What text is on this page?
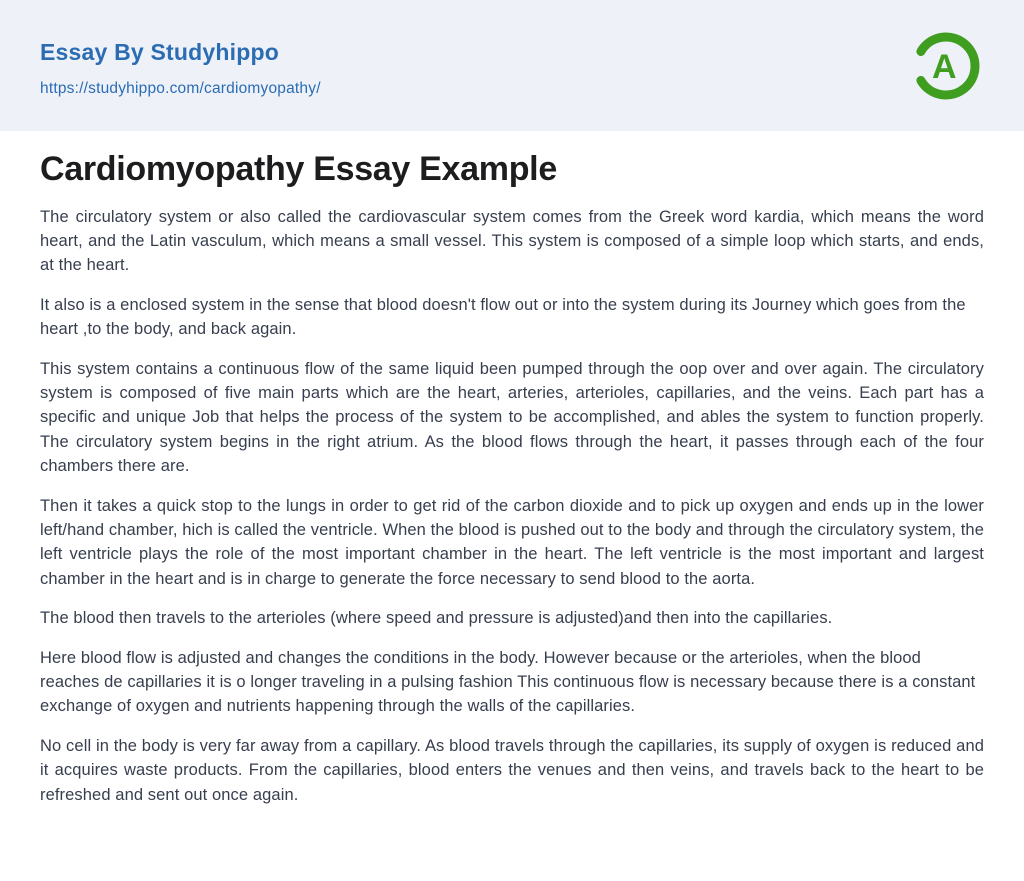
Essay By Studyhippo
https://studyhippo.com/cardiomyopathy/
A
Cardiomyopathy Essay Example

The circulatory system or also called the cardiovascular system comes from the Greek word kardia, which means the word heart, and the Latin vasculum, which means a small vessel. This system is composed of a simple loop which starts, and ends, at the heart.

It also is a enclosed system in the sense that blood doesn't flow out or into the system during its Journey which goes from the heart ,to the body, and back again.

This system contains a continuous flow of the same liquid been pumped through the oop over and over again. The circulatory system is composed of five main parts which are the heart, arteries, arterioles, capillaries, and the veins. Each part has a specific and unique Job that helps the process of the system to be accomplished, and ables the system to function properly. The circulatory system begins in the right atrium. As the blood flows through the heart, it passes through each of the four chambers there are.

Then it takes a quick stop to the lungs in order to get rid of the carbon dioxide and to pick up oxygen and ends up in the lower left/hand chamber, hich is called the ventricle. When the blood is pushed out to the body and through the circulatory system, the left ventricle plays the role of the most important chamber in the heart. The left ventricle is the most important and largest chamber in the heart and is in charge to generate the force necessary to send blood to the aorta.

The blood then travels to the arterioles (where speed and pressure is adjusted)and then into the capillaries.

Here blood flow is adjusted and changes the conditions in the body. However because or the arterioles, when the blood reaches de capillaries it is o longer traveling in a pulsing fashion This continuous flow is necessary because there is a constant exchange of oxygen and nutrients happening through the walls of the capillaries.

No cell in the body is very far away from a capillary. As blood travels through the capillaries, its supply of oxygen is reduced and it acquires waste products. From the capillaries, blood enters the venues and then veins, and travels back to the heart to be refreshed and sent out once again.
